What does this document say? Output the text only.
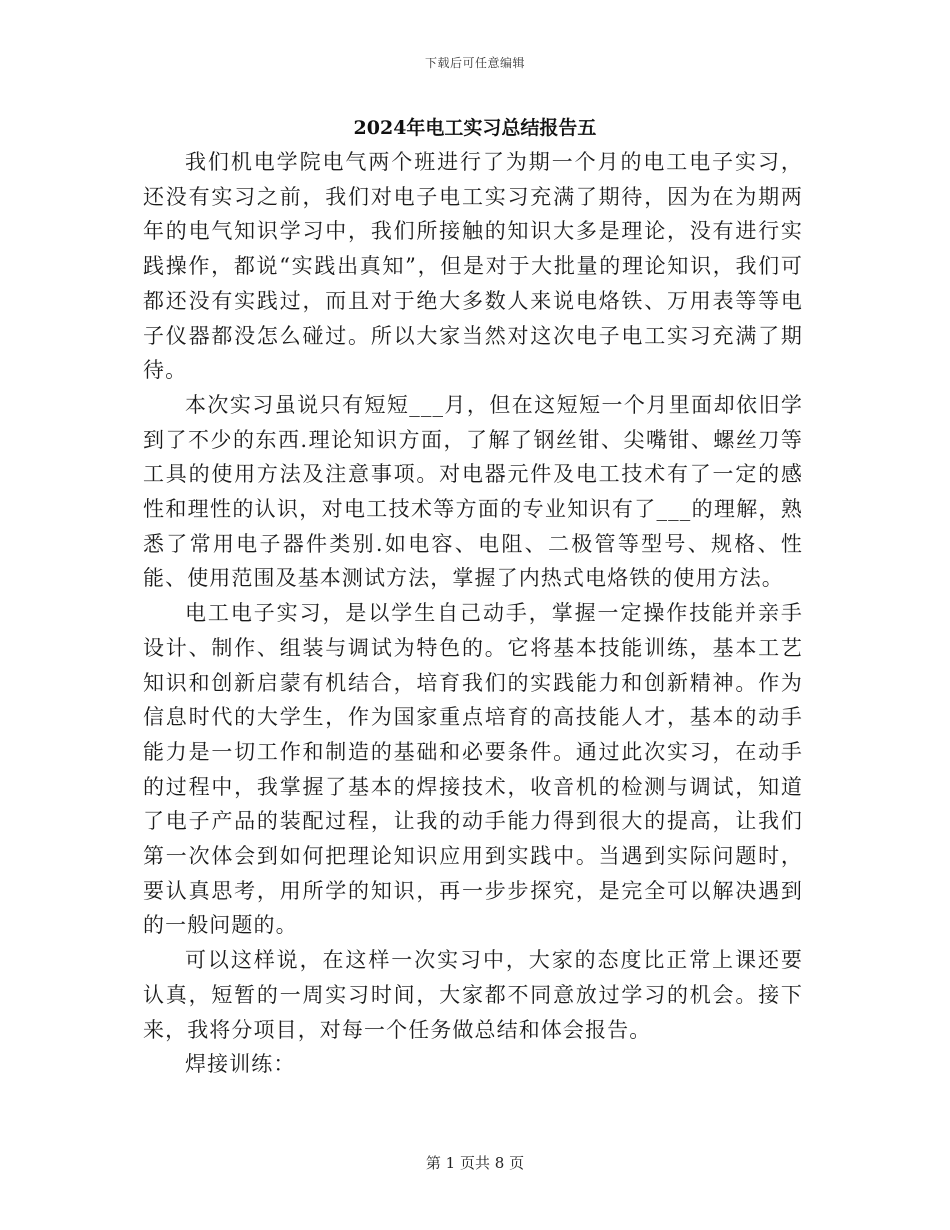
下载后可任意编辑
2024年电工实习总结报告五

我们机电学院电气两个班进行了为期一个月的电工电子实习，还没有实习之前，我们对电子电工实习充满了期待，因为在为期两年的电气知识学习中，我们所接触的知识大多是理论，没有进行实践操作，都说“实践出真知”，但是对于大批量的理论知识，我们可都还没有实践过，而且对于绝大多数人来说电烙铁、万用表等等电子仪器都没怎么碰过。所以大家当然对这次电子电工实习充满了期待。

本次实习虽说只有短短___月，但在这短短一个月里面却依旧学到了不少的东西.理论知识方面，了解了钢丝钳、尖嘴钳、螺丝刀等工具的使用方法及注意事项。对电器元件及电工技术有了一定的感性和理性的认识，对电工技术等方面的专业知识有了___的理解，熟悉了常用电子器件类别.如电容、电阻、二极管等型号、规格、性能、使用范围及基本测试方法，掌握了内热式电烙铁的使用方法。

电工电子实习，是以学生自己动手，掌握一定操作技能并亲手设计、制作、组装与调试为特色的。它将基本技能训练，基本工艺知识和创新启蒙有机结合，培育我们的实践能力和创新精神。作为信息时代的大学生，作为国家重点培育的高技能人才，基本的动手能力是一切工作和制造的基础和必要条件。通过此次实习，在动手的过程中，我掌握了基本的焊接技术，收音机的检测与调试，知道了电子产品的装配过程，让我的动手能力得到很大的提高，让我们第一次体会到如何把理论知识应用到实践中。当遇到实际问题时，要认真思考，用所学的知识，再一步步探究，是完全可以解决遇到的一般问题的。

可以这样说，在这样一次实习中，大家的态度比正常上课还要认真，短暂的一周实习时间，大家都不同意放过学习的机会。接下来，我将分项目，对每一个任务做总结和体会报告。

焊接训练：

第 1 页共 8 页
